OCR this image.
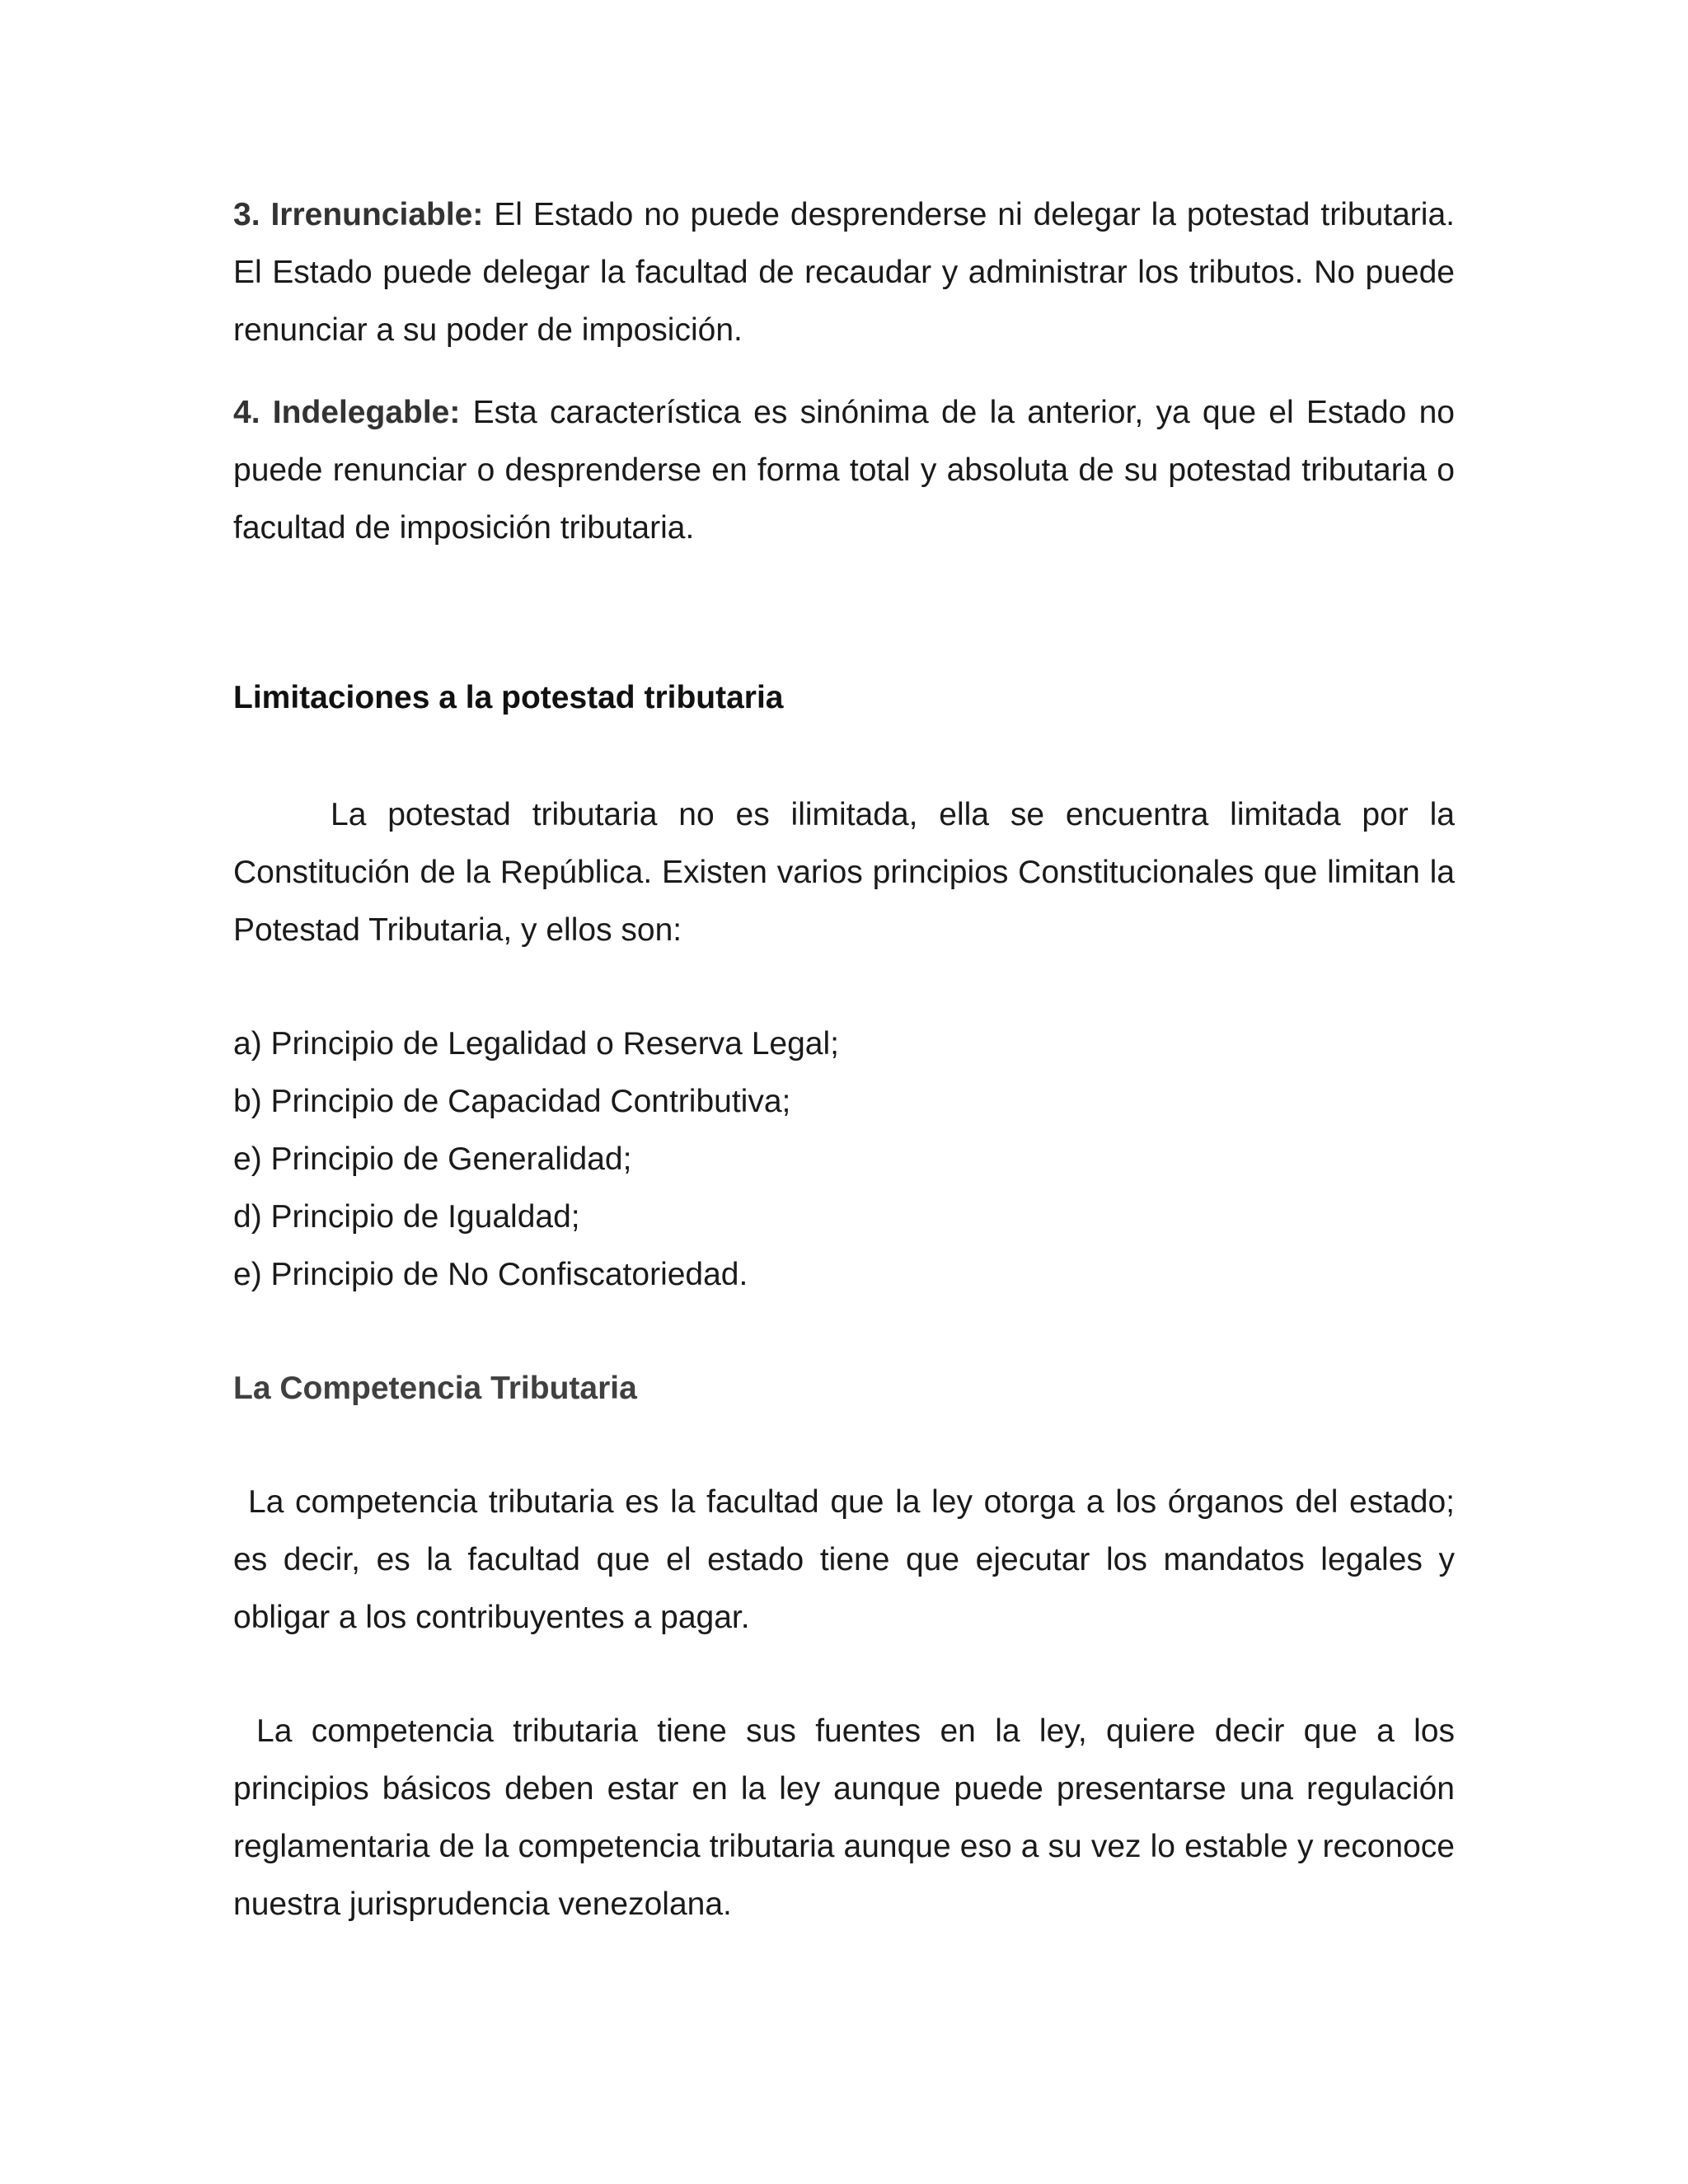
3. Irrenunciable: El Estado no puede desprenderse ni delegar la potestad tributaria. El Estado puede delegar la facultad de recaudar y administrar los tributos. No puede renunciar a su poder de imposición.

4. Indelegable: Esta característica es sinónima de la anterior, ya que el Estado no puede renunciar o desprenderse en forma total y absoluta de su potestad tributaria o facultad de imposición tributaria.

Limitaciones a la potestad tributaria

La potestad tributaria no es ilimitada, ella se encuentra limitada por la Constitución de la República. Existen varios principios Constitucionales que limitan la Potestad Tributaria, y ellos son:

a) Principio de Legalidad o Reserva Legal;
b) Principio de Capacidad Contributiva;
e) Principio de Generalidad;
d) Principio de Igualdad;
e) Principio de No Confiscatoriedad.
La Competencia Tributaria

La competencia tributaria es la facultad que la ley otorga a los órganos del estado; es decir, es la facultad que el estado tiene que ejecutar los mandatos legales y obligar a los contribuyentes a pagar.

La competencia tributaria tiene sus fuentes en la ley, quiere decir que a los principios básicos deben estar en la ley aunque puede presentarse una regulación reglamentaria de la competencia tributaria aunque eso a su vez lo estable y reconoce nuestra jurisprudencia venezolana.
